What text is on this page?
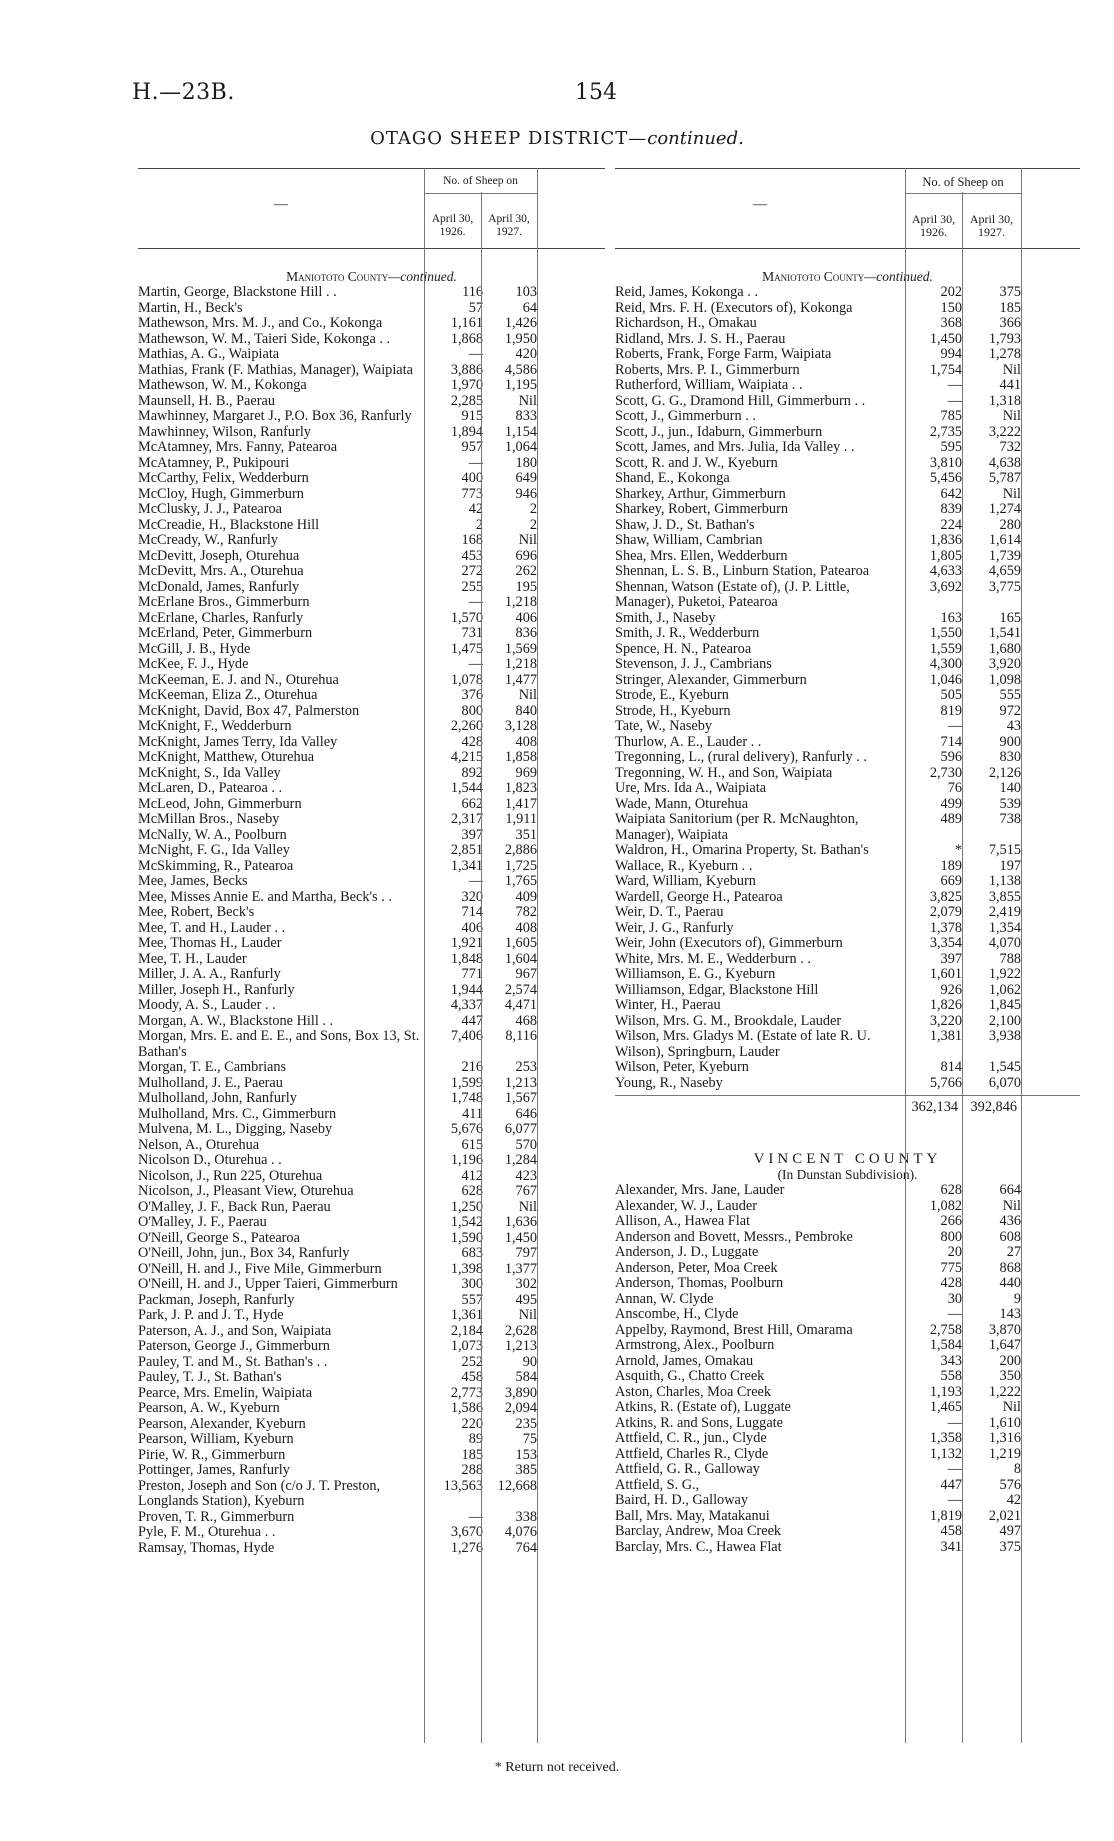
H.—23B.	154
OTAGO SHEEP DISTRICT—continued.
—
No. of Sheep on
April 30, 1926.
April 30, 1927.
Maniototo County—continued.
Martin, George, Blackstone Hill . .	116	103
Martin, H., Beck's	57	64
Mathewson, Mrs. M. J., and Co., Kokonga	1,161	1,426
Mathewson, W. M., Taieri Side, Kokonga . .	1,868	1,950
Mathias, A. G., Waipiata	—	420
Mathias, Frank (F. Mathias, Manager), Waipiata	3,886	4,586
Mathewson, W. M., Kokonga	1,970	1,195
Maunsell, H. B., Paerau	2,285	Nil
Mawhinney, Margaret J., P.O. Box 36, Ranfurly	915	833
Mawhinney, Wilson, Ranfurly	1,894	1,154
McAtamney, Mrs. Fanny, Patearoa	957	1,064
McAtamney, P., Pukipouri	—	180
McCarthy, Felix, Wedderburn	400	649
McCloy, Hugh, Gimmerburn	773	946
McClusky, J. J., Patearoa	42	2
McCreadie, H., Blackstone Hill	2	2
McCready, W., Ranfurly	168	Nil
McDevitt, Joseph, Oturehua	453	696
McDevitt, Mrs. A., Oturehua	272	262
McDonald, James, Ranfurly	255	195
McErlane Bros., Gimmerburn	—	1,218
McErlane, Charles, Ranfurly	1,570	406
McErland, Peter, Gimmerburn	731	836
McGill, J. B., Hyde	1,475	1,569
McKee, F. J., Hyde	—	1,218
McKeeman, E. J. and N., Oturehua	1,078	1,477
McKeeman, Eliza Z., Oturehua	376	Nil
McKnight, David, Box 47, Palmerston	800	840
McKnight, F., Wedderburn	2,260	3,128
McKnight, James Terry, Ida Valley	428	408
McKnight, Matthew, Oturehua	4,215	1,858
McKnight, S., Ida Valley	892	969
McLaren, D., Patearoa . .	1,544	1,823
McLeod, John, Gimmerburn	662	1,417
McMillan Bros., Naseby	2,317	1,911
McNally, W. A., Poolburn	397	351
McNight, F. G., Ida Valley	2,851	2,886
McSkimming, R., Patearoa	1,341	1,725
Mee, James, Becks	—	1,765
Mee, Misses Annie E. and Martha, Beck's . .	320	409
Mee, Robert, Beck's	714	782
Mee, T. and H., Lauder . .	406	408
Mee, Thomas H., Lauder	1,921	1,605
Mee, T. H., Lauder	1,848	1,604
Miller, J. A. A., Ranfurly	771	967
Miller, Joseph H., Ranfurly	1,944	2,574
Moody, A. S., Lauder . .	4,337	4,471
Morgan, A. W., Blackstone Hill . .	447	468
Morgan, Mrs. E. and E. E., and Sons, Box 13, St. Bathan's
7,406	8,116
Morgan, T. E., Cambrians	216	253
Mulholland, J. E., Paerau	1,599	1,213
Mulholland, John, Ranfurly	1,748	1,567
Mulholland, Mrs. C., Gimmerburn	411	646
Mulvena, M. L., Digging, Naseby	5,676	6,077
Nelson, A., Oturehua	615	570
Nicolson D., Oturehua . .	1,196	1,284
Nicolson, J., Run 225, Oturehua	412	423
Nicolson, J., Pleasant View, Oturehua	628	767
O'Malley, J. F., Back Run, Paerau	1,250	Nil
O'Malley, J. F., Paerau	1,542	1,636
O'Neill, George S., Patearoa	1,590	1,450
O'Neill, John, jun., Box 34, Ranfurly	683	797
O'Neill, H. and J., Five Mile, Gimmerburn	1,398	1,377
O'Neill, H. and J., Upper Taieri, Gimmerburn	300	302
Packman, Joseph, Ranfurly	557	495
Park, J. P. and J. T., Hyde	1,361	Nil
Paterson, A. J., and Son, Waipiata	2,184	2,628
Paterson, George J., Gimmerburn	1,073	1,213
Pauley, T. and M., St. Bathan's . .	252	90
Pauley, T. J., St. Bathan's	458	584
Pearce, Mrs. Emelin, Waipiata	2,773	3,890
Pearson, A. W., Kyeburn	1,586	2,094
Pearson, Alexander, Kyeburn	220	235
Pearson, William, Kyeburn	89	75
Pirie, W. R., Gimmerburn	185	153
Pottinger, James, Ranfurly	288	385
Preston, Joseph and Son (c/o J. T. Preston, Longlands Station), Kyeburn
13,563	12,668
Proven, T. R., Gimmerburn	—	338
Pyle, F. M., Oturehua . .	3,670	4,076
Ramsay, Thomas, Hyde	1,276	764
—
No. of Sheep on
April 30, 1926.
April 30, 1927.
Maniototo County—continued.
Reid, James, Kokonga . .	202	375
Reid, Mrs. F. H. (Executors of), Kokonga	150	185
Richardson, H., Omakau	368	366
Ridland, Mrs. J. S. H., Paerau	1,450	1,793
Roberts, Frank, Forge Farm, Waipiata	994	1,278
Roberts, Mrs. P. I., Gimmerburn	1,754	Nil
Rutherford, William, Waipiata . .	—	441
Scott, G. G., Dramond Hill, Gimmerburn . .	—	1,318
Scott, J., Gimmerburn . .	785	Nil
Scott, J., jun., Idaburn, Gimmerburn	2,735	3,222
Scott, James, and Mrs. Julia, Ida Valley . .	595	732
Scott, R. and J. W., Kyeburn	3,810	4,638
Shand, E., Kokonga	5,456	5,787
Sharkey, Arthur, Gimmerburn	642	Nil
Sharkey, Robert, Gimmerburn	839	1,274
Shaw, J. D., St. Bathan's	224	280
Shaw, William, Cambrian	1,836	1,614
Shea, Mrs. Ellen, Wedderburn	1,805	1,739
Shennan, L. S. B., Linburn Station, Patearoa	4,633	4,659
Shennan, Watson (Estate of), (J. P. Little, Manager), Puketoi, Patearoa
3,692	3,775
Smith, J., Naseby	163	165
Smith, J. R., Wedderburn	1,550	1,541
Spence, H. N., Patearoa	1,559	1,680
Stevenson, J. J., Cambrians	4,300	3,920
Stringer, Alexander, Gimmerburn	1,046	1,098
Strode, E., Kyeburn	505	555
Strode, H., Kyeburn	819	972
Tate, W., Naseby	—	43
Thurlow, A. E., Lauder . .	714	900
Tregonning, L., (rural delivery), Ranfurly . .	596	830
Tregonning, W. H., and Son, Waipiata	2,730	2,126
Ure, Mrs. Ida A., Waipiata	76	140
Wade, Mann, Oturehua	499	539
Waipiata Sanitorium (per R. McNaughton, Manager), Waipiata
489	738
Waldron, H., Omarina Property, St. Bathan's	*	7,515
Wallace, R., Kyeburn . .	189	197
Ward, William, Kyeburn	669	1,138
Wardell, George H., Patearoa	3,825	3,855
Weir, D. T., Paerau	2,079	2,419
Weir, J. G., Ranfurly	1,378	1,354
Weir, John (Executors of), Gimmerburn	3,354	4,070
White, Mrs. M. E., Wedderburn . .	397	788
Williamson, E. G., Kyeburn	1,601	1,922
Williamson, Edgar, Blackstone Hill	926	1,062
Winter, H., Paerau	1,826	1,845
Wilson, Mrs. G. M., Brookdale, Lauder	3,220	2,100
Wilson, Mrs. Gladys M. (Estate of late R. U. Wilson), Springburn, Lauder
1,381	3,938
Wilson, Peter, Kyeburn	814	1,545
Young, R., Naseby	5,766	6,070
362,134 392,846
VINCENT COUNTY
(In Dunstan Subdivision).
Alexander, Mrs. Jane, Lauder	628	664
Alexander, W. J., Lauder	1,082	Nil
Allison, A., Hawea Flat	266	436
Anderson and Bovett, Messrs., Pembroke	800	608
Anderson, J. D., Luggate	20	27
Anderson, Peter, Moa Creek	775	868
Anderson, Thomas, Poolburn	428	440
Annan, W. Clyde	30	9
Anscombe, H., Clyde	—	143
Appelby, Raymond, Brest Hill, Omarama	2,758	3,870
Armstrong, Alex., Poolburn	1,584	1,647
Arnold, James, Omakau	343	200
Asquith, G., Chatto Creek	558	350
Aston, Charles, Moa Creek	1,193	1,222
Atkins, R. (Estate of), Luggate	1,465	Nil
Atkins, R. and Sons, Luggate	—	1,610
Attfield, C. R., jun., Clyde	1,358	1,316
Attfield, Charles R., Clyde	1,132	1,219
Attfield, G. R., Galloway	—	8
Attfield, S. G.,	447	576
Baird, H. D., Galloway	—	42
Ball, Mrs. May, Matakanui	1,819	2,021
Barclay, Andrew, Moa Creek	458	497
Barclay, Mrs. C., Hawea Flat	341	375
* Return not received.
